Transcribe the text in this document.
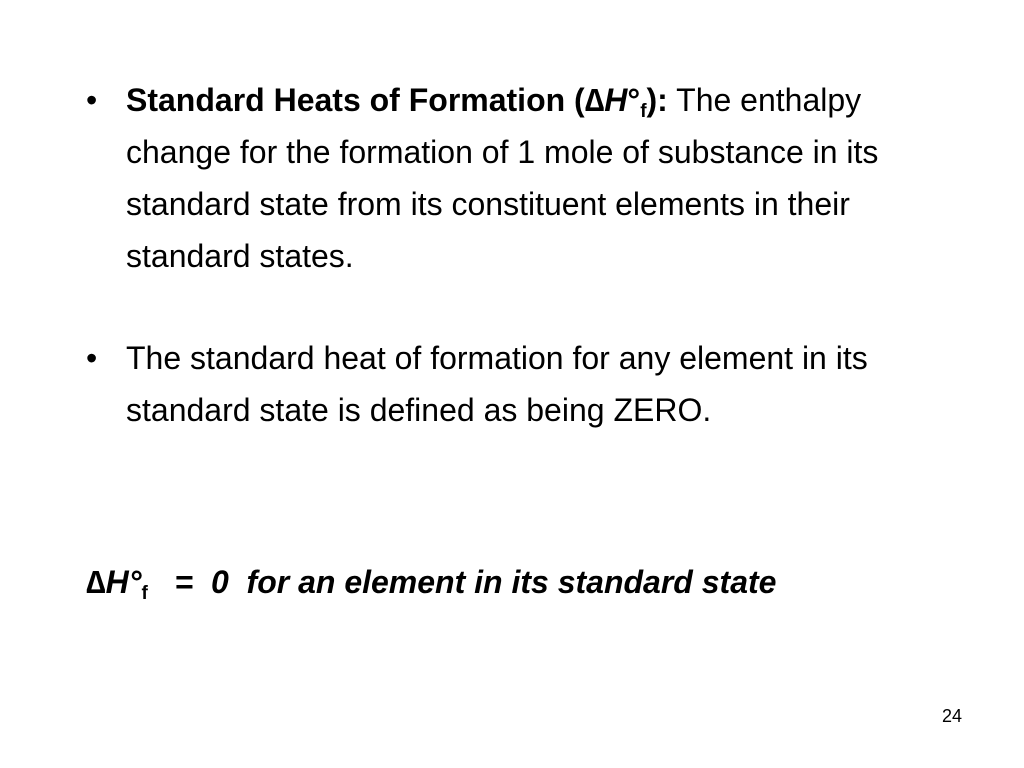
• Standard Heats of Formation $(\Delta H^\circ_f)$: The enthalpy change for the formation of 1 mole of substance in its standard state from its constituent elements in their standard states.
• The standard heat of formation for any element in its standard state is defined as being ZERO.
∆H°f   =  0  for an element in its standard state
24
